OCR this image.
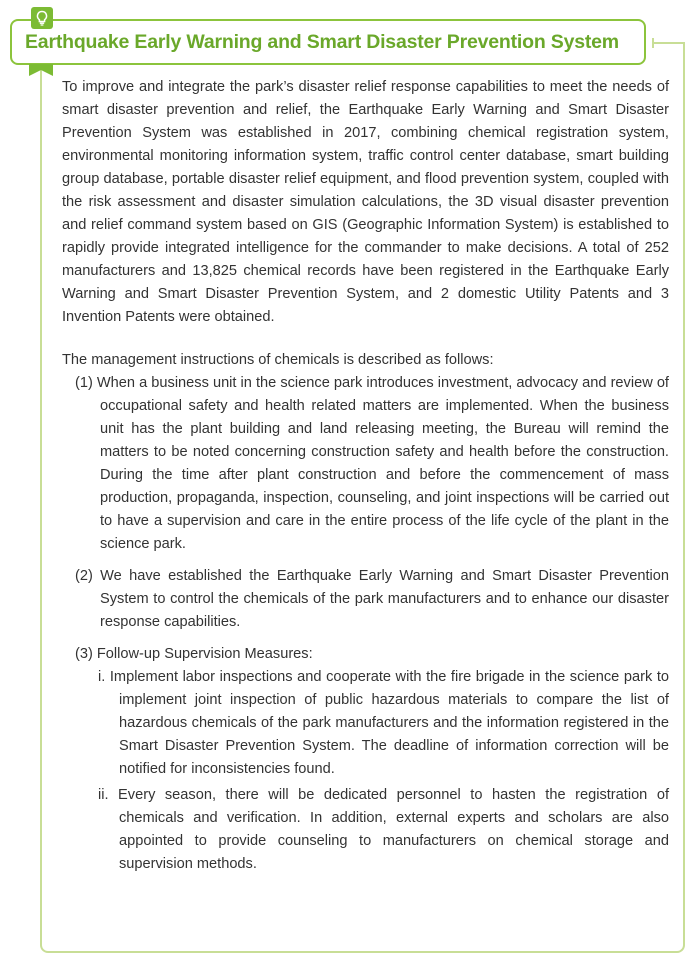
Earthquake Early Warning and Smart Disaster Prevention System

To improve and integrate the park’s disaster relief response capabilities to meet the needs of smart disaster prevention and relief, the Earthquake Early Warning and Smart Disaster Prevention System was established in 2017, combining chemical registration system, environmental monitoring information system, traffic control center database, smart building group database, portable disaster relief equipment, and flood prevention system, coupled with the risk assessment and disaster simulation calculations, the 3D visual disaster prevention and relief command system based on GIS (Geographic Information System) is established to rapidly provide integrated intelligence for the commander to make decisions. A total of 252 manufacturers and 13,825 chemical records have been registered in the Earthquake Early Warning and Smart Disaster Prevention System, and 2 domestic Utility Patents and 3 Invention Patents were obtained.

The management instructions of chemicals is described as follows:

(1) When a business unit in the science park introduces investment, advocacy and review of occupational safety and health related matters are implemented. When the business unit has the plant building and land releasing meeting, the Bureau will remind the matters to be noted concerning construction safety and health before the construction. During the time after plant construction and before the commencement of mass production, propaganda, inspection, counseling, and joint inspections will be carried out to have a supervision and care in the entire process of the life cycle of the plant in the science park.
(2) We have established the Earthquake Early Warning and Smart Disaster Prevention System to control the chemicals of the park manufacturers and to enhance our disaster response capabilities.
(3) Follow-up Supervision Measures:
i. Implement labor inspections and cooperate with the fire brigade in the science park to implement joint inspection of public hazardous materials to compare the list of hazardous chemicals of the park manufacturers and the information registered in the Smart Disaster Prevention System. The deadline of information correction will be notified for inconsistencies found.
ii. Every season, there will be dedicated personnel to hasten the registration of chemicals and verification. In addition, external experts and scholars are also appointed to provide counseling to manufacturers on chemical storage and supervision methods.
